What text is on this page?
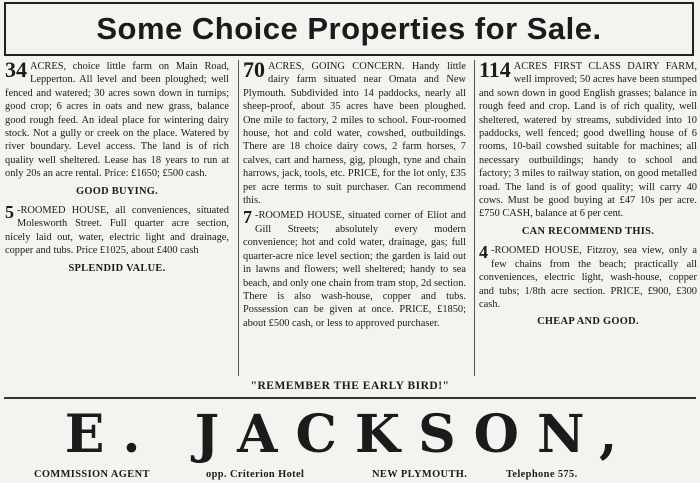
Some Choice Properties for Sale.
34 ACRES, choice little farm on Main Road, Lepperton. All level and been ploughed; well fenced and watered; 30 acres sown down in turnips; good crop; 6 acres in oats and new grass, balance good rough feed. An ideal place for wintering dairy stock. Not a gully or creek on the place. Watered by river boundary. Level access. The land is of rich quality well sheltered. Lease has 18 years to run at only 20s an acre rental. Price: £1650; £500 cash.
GOOD BUYING.
5 -ROOMED HOUSE, all conveniences, situated Molesworth Street. Full quarter acre section, nicely laid out, water, electric light and drainage, copper and tubs. Price £1025, about £400 cash
SPLENDID VALUE.
70 ACRES, GOING CONCERN. Handy little dairy farm situated near Omata and New Plymouth. Subdivided into 14 paddocks, nearly all sheep-proof, about 35 acres have been ploughed. One mile to factory, 2 miles to school. Four-roomed house, hot and cold water, cowshed, outbuildings. There are 18 choice dairy cows, 2 farm horses, 7 calves, cart and harness, gig, plough, tyne and chain harrows, jack, tools, etc. PRICE, for the lot only, £35 per acre terms to suit purchaser. Can recommend this.
7 -ROOMED HOUSE, situated corner of Eliot and Gill Streets; absolutely every modern convenience; hot and cold water, drainage, gas; full quarter-acre nice level section; the garden is laid out in lawns and flowers; well sheltered; handy to sea beach, and only one chain from tram stop, 2d section. There is also wash-house, copper and tubs. Possession can be given at once. PRICE, £1850; about £500 cash, or less to approved purchaser.
114 ACRES FIRST CLASS DAIRY FARM, well improved; 50 acres have been stumped and sown down in good English grasses; balance in rough feed and crop. Land is of rich quality, well sheltered, watered by streams, subdivided into 10 paddocks, well fenced; good dwelling house of 6 rooms, 10-bail cowshed suitable for machines; all necessary outbuildings; handy to school and factory; 3 miles to railway station, on good metalled road. The land is of good quality; will carry 40 cows. Must be good buying at £47 10s per acre. £750 CASH, balance at 6 per cent.
CAN RECOMMEND THIS.
4 -ROOMED HOUSE, Fitzroy, sea view, only a few chains from the beach; practically all conveniences, electric light, wash-house, copper and tubs; 1/8th acre section. PRICE, £900, £300 cash.
CHEAP AND GOOD.
"REMEMBER THE EARLY BIRD!"
E. JACKSON,
COMMISSION AGENT	opp. Criterion Hotel	NEW PLYMOUTH.	Telephone 575.
